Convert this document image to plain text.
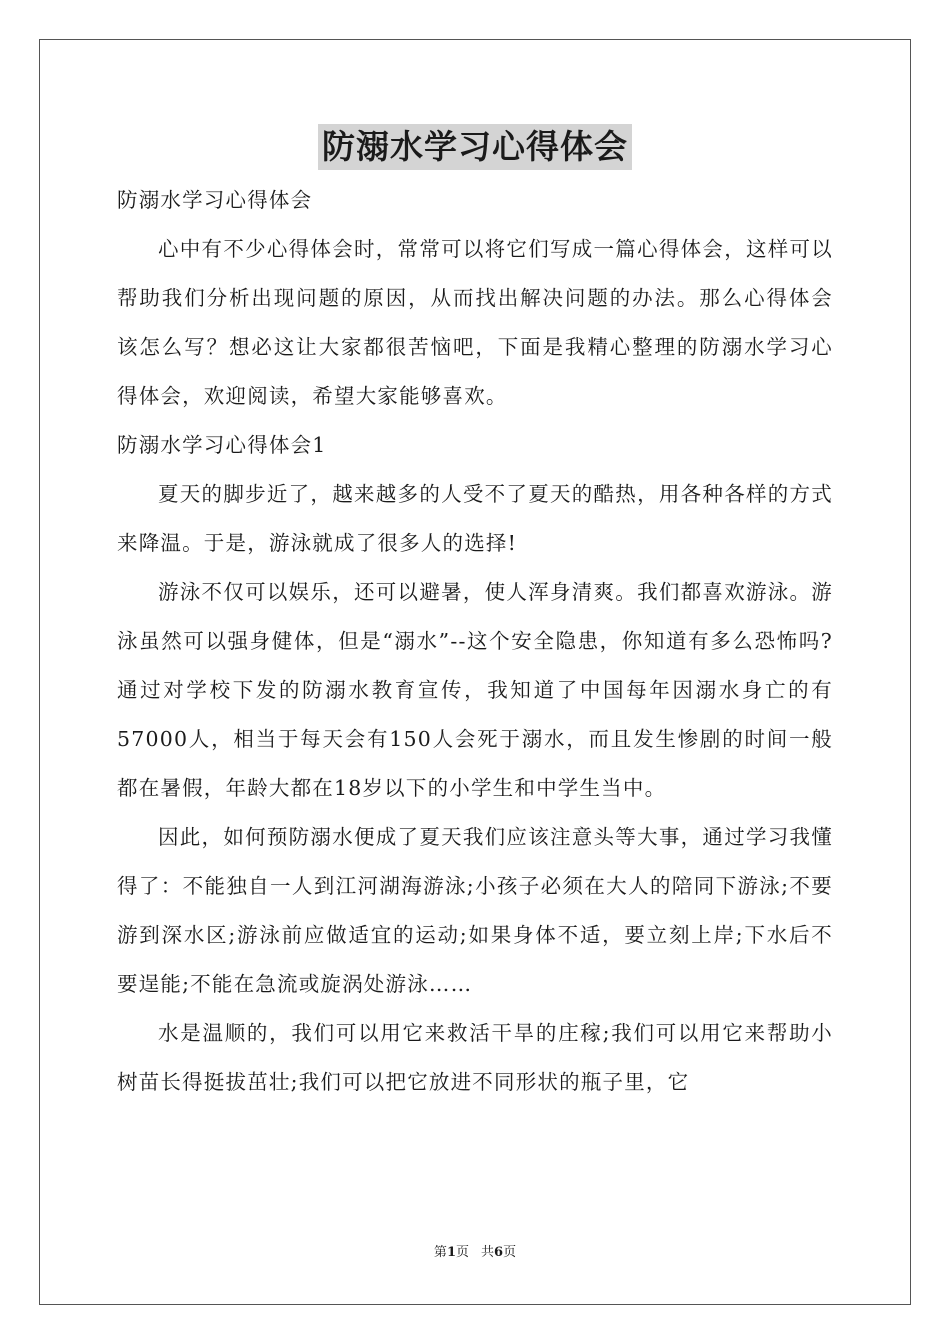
防溺水学习心得体会

防溺水学习心得体会

心中有不少心得体会时，常常可以将它们写成一篇心得体会，这样可以帮助我们分析出现问题的原因，从而找出解决问题的办法。那么心得体会该怎么写？想必这让大家都很苦恼吧，下面是我精心整理的防溺水学习心得体会，欢迎阅读，希望大家能够喜欢。

防溺水学习心得体会1

夏天的脚步近了，越来越多的人受不了夏天的酷热，用各种各样的方式来降温。于是，游泳就成了很多人的选择!

游泳不仅可以娱乐，还可以避暑，使人浑身清爽。我们都喜欢游泳。游泳虽然可以强身健体，但是“溺水”--这个安全隐患，你知道有多么恐怖吗? 通过对学校下发的防溺水教育宣传，我知道了中国每年因溺水身亡的有57000人，相当于每天会有150人会死于溺水，而且发生惨剧的时间一般都在暑假，年龄大都在18岁以下的小学生和中学生当中。

因此，如何预防溺水便成了夏天我们应该注意头等大事，通过学习我懂得了：不能独自一人到江河湖海游泳;小孩子必须在大人的陪同下游泳;不要游到深水区;游泳前应做适宜的运动;如果身体不适，要立刻上岸;下水后不要逞能;不能在急流或旋涡处游泳……

水是温顺的，我们可以用它来救活干旱的庄稼;我们可以用它来帮助小树苗长得挺拔茁壮;我们可以把它放进不同形状的瓶子里，它

第1页 共6页
